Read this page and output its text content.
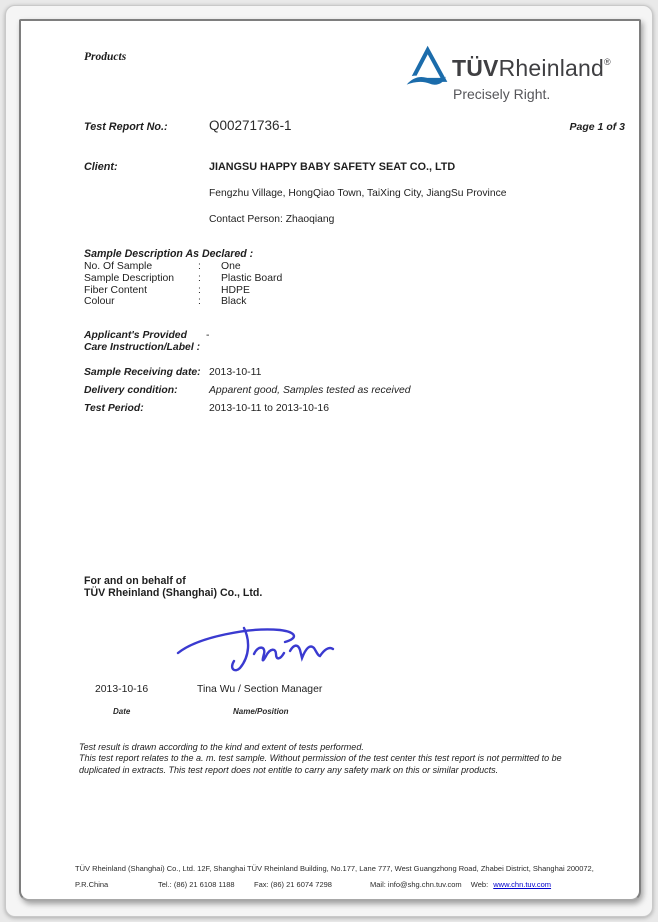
Products	TÜVRheinland®
Precisely Right.
Test Report No.:	Q00271736-1	Page 1 of 3
Client:	JIANGSU HAPPY BABY SAFETY SEAT CO., LTD
Fengzhu Village, HongQiao Town, TaiXing City, JiangSu Province
Contact Person: Zhaoqiang
Sample Description As Declared :
No. Of Sample	: One
Sample Description : Plastic Board
Fiber Content	: HDPE
Colour	: Black
Applicant's Provided -
Care Instruction/Label :
Sample Receiving date: 2013-10-11
Delivery condition:	Apparent good, Samples tested as received
Test Period:	2013-10-11 to 2013-10-16
For and on behalf of
TÜV Rheinland (Shanghai) Co., Ltd.
2013-10-16	Tina Wu / Section Manager
Date	Name/Position
Test result is drawn according to the kind and extent of tests performed.
This test report relates to the a. m. test sample. Without permission of the test center this test report is not permitted to be
duplicated in extracts. This test report does not entitle to carry any safety mark on this or similar products.
TÜV Rheinland (Shanghai) Co., Ltd. 12F, Shanghai TÜV Rheinland Building, No.177, Lane 777, West Guangzhong Road, Zhabei District, Shanghai 200072,
P.R.China	Tel.: (86) 21 6108 1188	Fax: (86) 21 6074 7298	Mail: info@shg.chn.tuv.com Web: www.chn.tuv.com
